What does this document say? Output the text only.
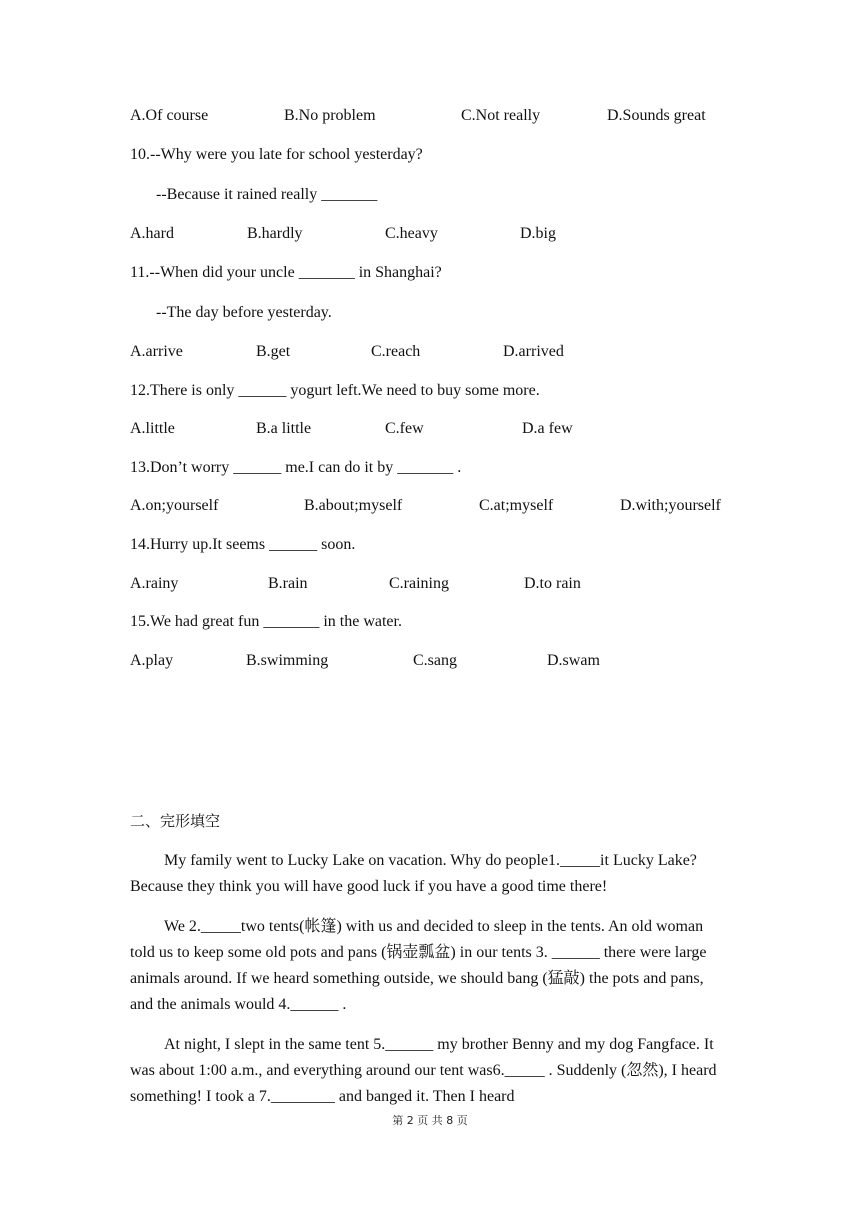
A.Of course	B.No problem	C.Not really	D.Sounds great
10.--Why were you late for school yesterday?
--Because it rained really _______
A.hard	B.hardly	C.heavy	D.big
11.--When did your uncle _______ in Shanghai?
--The day before yesterday.
A.arrive	B.get	C.reach	D.arrived
12.There is only ______ yogurt left.We need to buy some more.
A.little	B.a little	C.few	D.a few
13.Don’t worry ______ me.I can do it by _______ .
A.on;yourself	B.about;myself	C.at;myself	D.with;yourself
14.Hurry up.It seems ______ soon.
A.rainy	B.rain	C.raining	D.to rain
15.We had great fun _______ in the water.
A.play	B.swimming	C.sang	D.swam
二、完形填空
My family went to Lucky Lake on vacation. Why do people1._____it Lucky Lake? Because they think you will have good luck if you have a good time there!
We 2._____two tents(帐篷) with us and decided to sleep in the tents. An old woman told us to keep some old pots and pans (锅壶瓢盆) in our tents 3. ______ there were large animals around. If we heard something outside, we should bang (猛敲) the pots and pans, and the animals would 4.______ .
At night, I slept in the same tent 5.______ my brother Benny and my dog Fangface. It was about 1:00 a.m., and everything around our tent was6._____ . Suddenly (忽然), I heard something! I took a 7.________ and banged it. Then I heard
第 2 页 共 8 页
